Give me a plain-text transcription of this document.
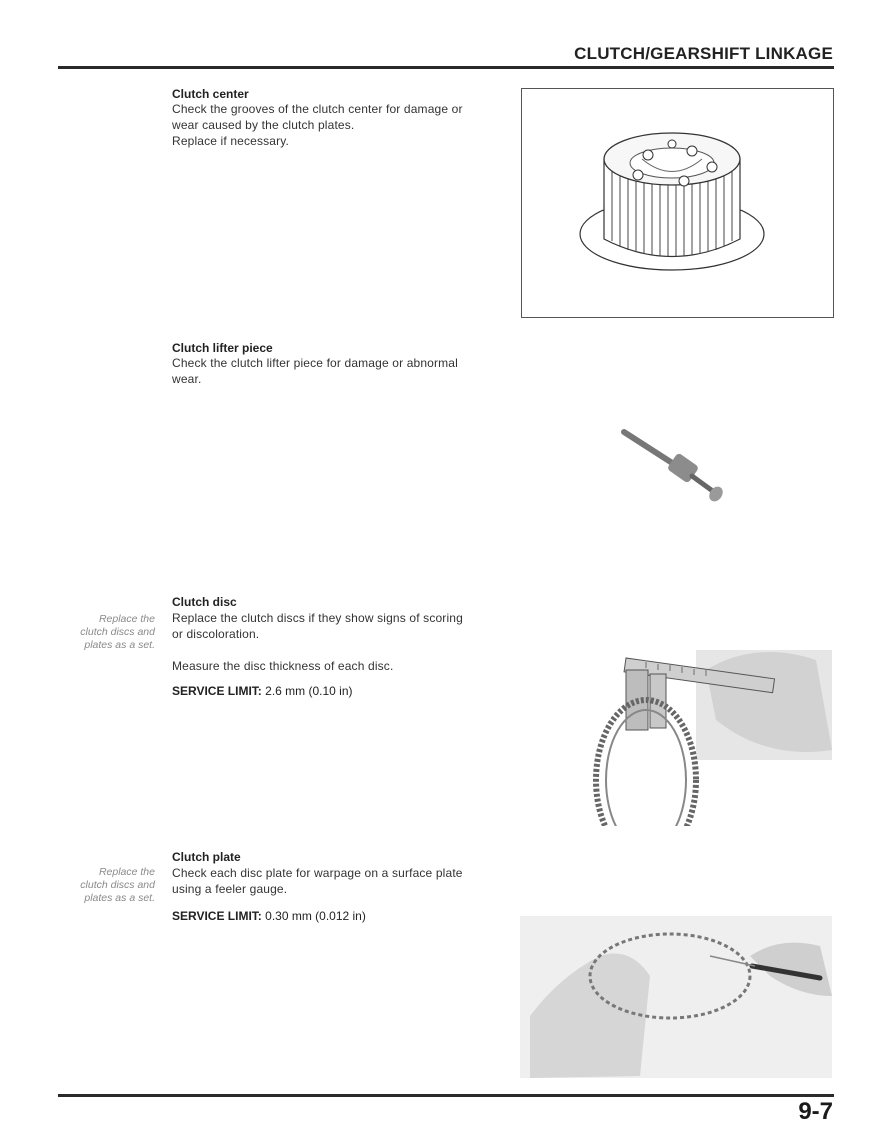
CLUTCH/GEARSHIFT LINKAGE
Clutch center
Check the grooves of the clutch center for damage or
wear caused by the clutch plates.
Replace if necessary.
Clutch lifter piece
Check the clutch lifter piece for damage or abnormal
wear.
Replace the
clutch discs and
plates as a set.
Clutch disc
Replace the clutch discs if they show signs of scoring
or discoloration.
Measure the disc thickness of each disc.
SERVICE LIMIT: 2.6 mm (0.10 in)
Replace the
clutch discs and
plates as a set.
Clutch plate
Check each disc plate for warpage on a surface plate
using a feeler gauge.
SERVICE LIMIT: 0.30 mm (0.012 in)
9-7
